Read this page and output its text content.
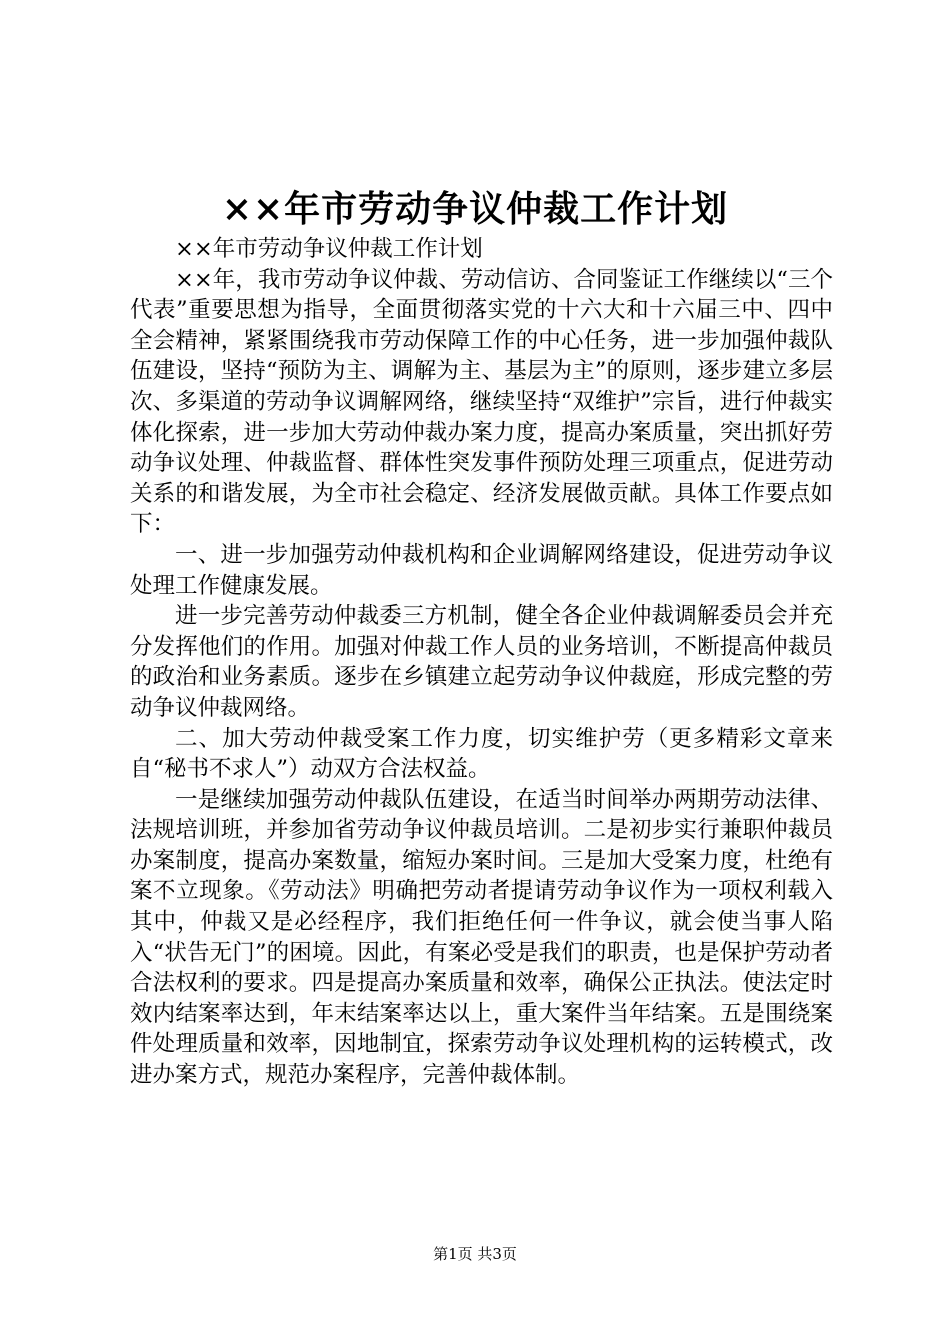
××年市劳动争议仲裁工作计划

××年市劳动争议仲裁工作计划

××年，我市劳动争议仲裁、劳动信访、合同鉴证工作继续以“三个代表”重要思想为指导，全面贯彻落实党的十六大和十六届三中、四中全会精神，紧紧围绕我市劳动保障工作的中心任务，进一步加强仲裁队伍建设，坚持“预防为主、调解为主、基层为主”的原则，逐步建立多层次、多渠道的劳动争议调解网络，继续坚持“双维护”宗旨，进行仲裁实体化探索，进一步加大劳动仲裁办案力度，提高办案质量，突出抓好劳动争议处理、仲裁监督、群体性突发事件预防处理三项重点，促进劳动关系的和谐发展，为全市社会稳定、经济发展做贡献。具体工作要点如下：

一、进一步加强劳动仲裁机构和企业调解网络建设，促进劳动争议处理工作健康发展。

进一步完善劳动仲裁委三方机制，健全各企业仲裁调解委员会并充分发挥他们的作用。加强对仲裁工作人员的业务培训，不断提高仲裁员的政治和业务素质。逐步在乡镇建立起劳动争议仲裁庭，形成完整的劳动争议仲裁网络。

二、加大劳动仲裁受案工作力度，切实维护劳（更多精彩文章来自“秘书不求人”）动双方合法权益。

一是继续加强劳动仲裁队伍建设，在适当时间举办两期劳动法律、法规培训班，并参加省劳动争议仲裁员培训。二是初步实行兼职仲裁员办案制度，提高办案数量，缩短办案时间。三是加大受案力度，杜绝有案不立现象。《劳动法》明确把劳动者提请劳动争议作为一项权利载入其中，仲裁又是必经程序，我们拒绝任何一件争议，就会使当事人陷入“状告无门”的困境。因此，有案必受是我们的职责，也是保护劳动者合法权利的要求。四是提高办案质量和效率，确保公正执法。使法定时效内结案率达到，年末结案率达以上，重大案件当年结案。五是围绕案件处理质量和效率，因地制宜，探索劳动争议处理机构的运转模式，改进办案方式，规范办案程序，完善仲裁体制。

第1页 共3页
